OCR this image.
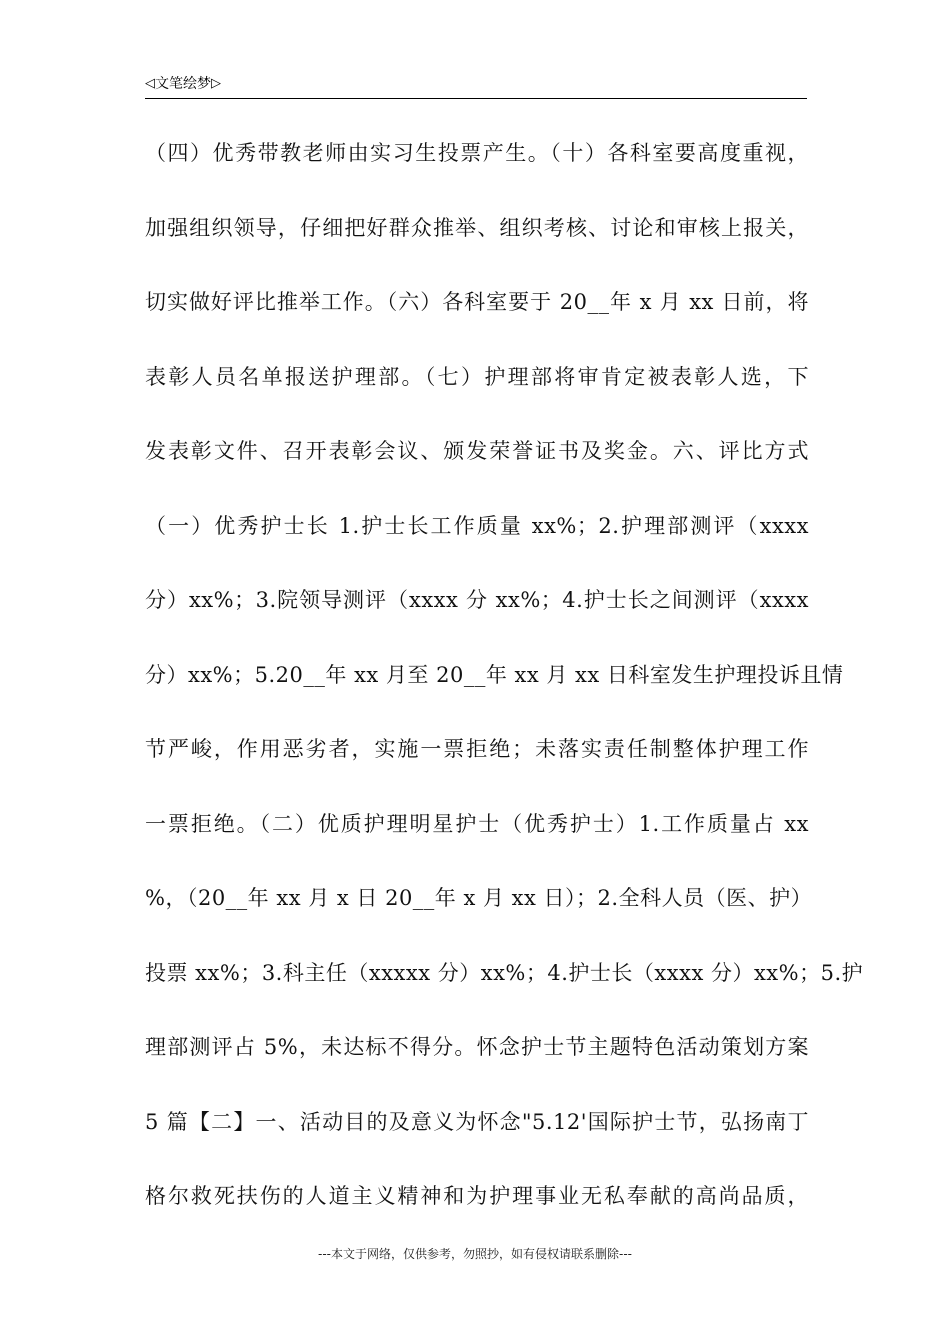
◁文笔绘梦▷
（四）优秀带教老师由实习生投票产生。（十）各科室要高度重视，
加强组织领导，仔细把好群众推举、组织考核、讨论和审核上报关，
切实做好评比推举工作。（六）各科室要于 20__年 x 月 xx 日前，将
表彰人员名单报送护理部。（七）护理部将审肯定被表彰人选，下
发表彰文件、召开表彰会议、颁发荣誉证书及奖金。六、评比方式
（一）优秀护士长 1.护士长工作质量 xx%；2.护理部测评（xxxx
分）xx%；3.院领导测评（xxxx 分 xx%；4.护士长之间测评（xxxx
分）xx%；5.20__年 xx 月至 20__年 xx 月 xx 日科室发生护理投诉且情
节严峻，作用恶劣者，实施一票拒绝；未落实责任制整体护理工作
一票拒绝。（二）优质护理明星护士（优秀护士）1.工作质量占 xx
%，（20__年 xx 月 x 日 20__年 x 月 xx 日）；2.全科人员（医、护）
投票 xx%；3.科主任（xxxxx 分）xx%；4.护士长（xxxx 分）xx%；5.护
理部测评占 5%，未达标不得分。怀念护士节主题特色活动策划方案
5 篇【二】一、活动目的及意义为怀念"5.12'国际护士节，弘扬南丁
格尔救死扶伤的人道主义精神和为护理事业无私奉献的高尚品质，
---本文于网络，仅供参考，勿照抄，如有侵权请联系删除---
